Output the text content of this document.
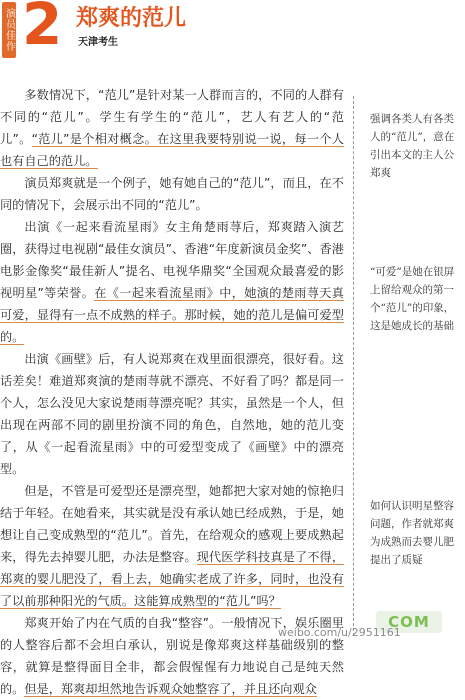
演员佳作 2 郑爽的范儿
天津考生

多数情况下，“范儿”是针对某一人群而言的，不同的人群有不同的“范儿”。学生有学生的“范儿”，艺人有艺人的“范儿”。“范儿”是个相对概念。在这里我要特别说一说，每一个人也有自己的范儿。

演员郑爽就是一个例子，她有她自己的“范儿”，而且，在不同的情况下，会展示出不同的“范儿”。

出演《一起来看流星雨》女主角楚雨荨后，郑爽踏入演艺圈，获得过电视剧“最佳女演员”、香港“年度新演员金奖”、香港电影金像奖“最佳新人”提名、电视华鼎奖“全国观众最喜爱的影视明星”等荣誉。在《一起来看流星雨》中，她演的楚雨荨天真可爱，显得有一点不成熟的样子。那时候，她的范儿是偏可爱型的。

出演《画壁》后，有人说郑爽在戏里面很漂亮，很好看。这话差矣！难道郑爽演的楚雨荨就不漂亮、不好看了吗？都是同一个人，怎么没见大家说楚雨荨漂亮呢？其实，虽然是一个人，但出现在两部不同的剧里扮演不同的角色，自然地，她的范儿变了，从《一起看流星雨》中的可爱型变成了《画壁》中的漂亮型。

但是，不管是可爱型还是漂亮型，她都把大家对她的惊艳归结于年轻。在她看来，其实就是没有承认她已经成熟，于是，她想让自己变成熟型的“范儿”。首先，在给观众的感观上要成熟起来，得先去掉婴儿肥，办法是整容。现代医学科技真是了不得，郑爽的婴儿肥没了，看上去，她确实老成了许多，同时，也没有了以前那种阳光的气质。这能算成熟型的“范儿”吗？

郑爽开始了内在气质的自我“整容”。一般情况下，娱乐圈里的人整容后都不会坦白承认，别说是像郑爽这样基础级别的整容，就算是整得面目全非，都会假惺惺有力地说自己是纯天然的。但是，郑爽却坦然地告诉观众她整容了，并且还向观众

强调各类人有各类人的“范儿”，意在引出本文的主人公郑爽
“可爱”是她在银屏上留给观众的第一个“范儿”的印象，这是她成长的基础
如何认识明星整容问题，作者就郑爽为成熟而去婴儿肥提出了质疑
COM
weibo.com/u/2951161
